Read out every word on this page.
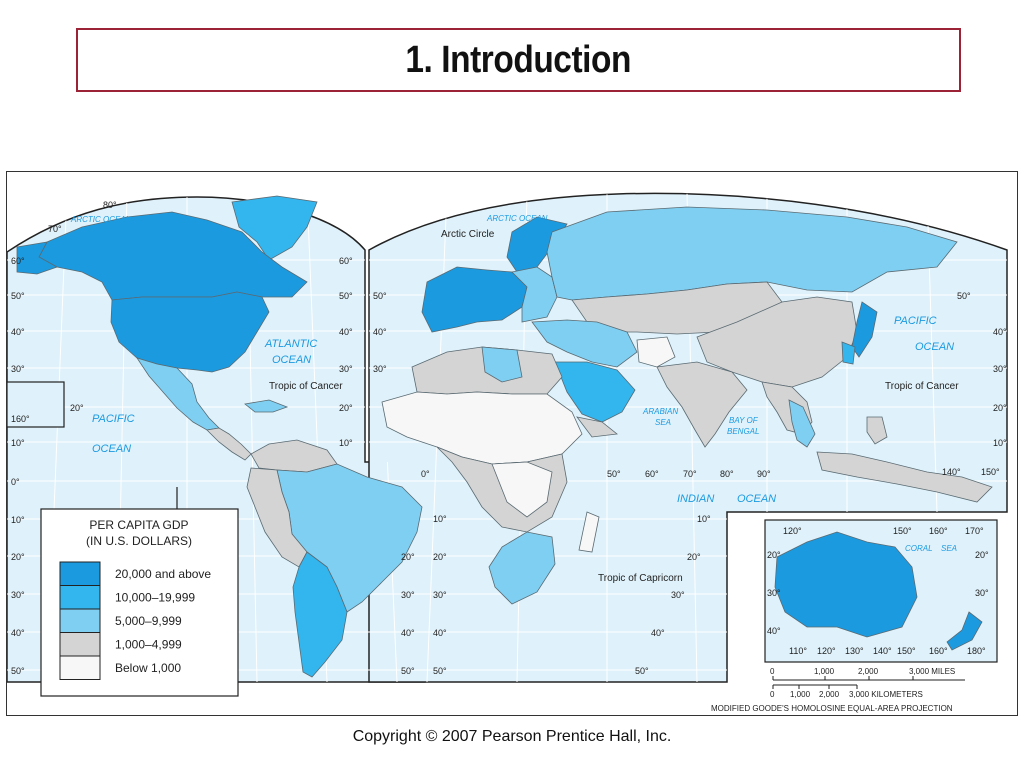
1. Introduction
ARCTIC OCEAN	ARCTIC OCEAN
ATLANTIC
OCEAN
PACIFIC
OCEAN
PACIFIC
OCEAN
INDIAN OCEAN
ARABIAN
SEA	BAY OF
BENGAL
CORAL SEA
Arctic Circle
Tropic of Cancer	Tropic of Cancer
Tropic of Capricorn
80°
70°
60°
50°
40°
30°
160°
20°
10°
0°
10°
20°
30°
40°
50°
60°
50°
40°
30°
20°
10°
20°
30°
40°
50°
50°
40°
30°
0°
10°
20°
30°
40°
50°
10°
20°
30°
40°
50°
50°
40°
30°
20°
10°
50°	60°	70°	80°	90°	140° 150°
120°	150° 160° 170°
20°	20°
30°	30°
40°
110° 120° 130° 140° 150° 160° 180°
0	1,000	2,000	3,000 MILES
0 1,000 2,000 3,000 KILOMETERS
MODIFIED GOODE'S HOMOLOSINE EQUAL-AREA PROJECTION
PER CAPITA GDP
(IN U.S. DOLLARS)
20,000 and above
10,000–19,999
5,000–9,999
1,000–4,999
Below 1,000
Copyright © 2007 Pearson Prentice Hall, Inc.
